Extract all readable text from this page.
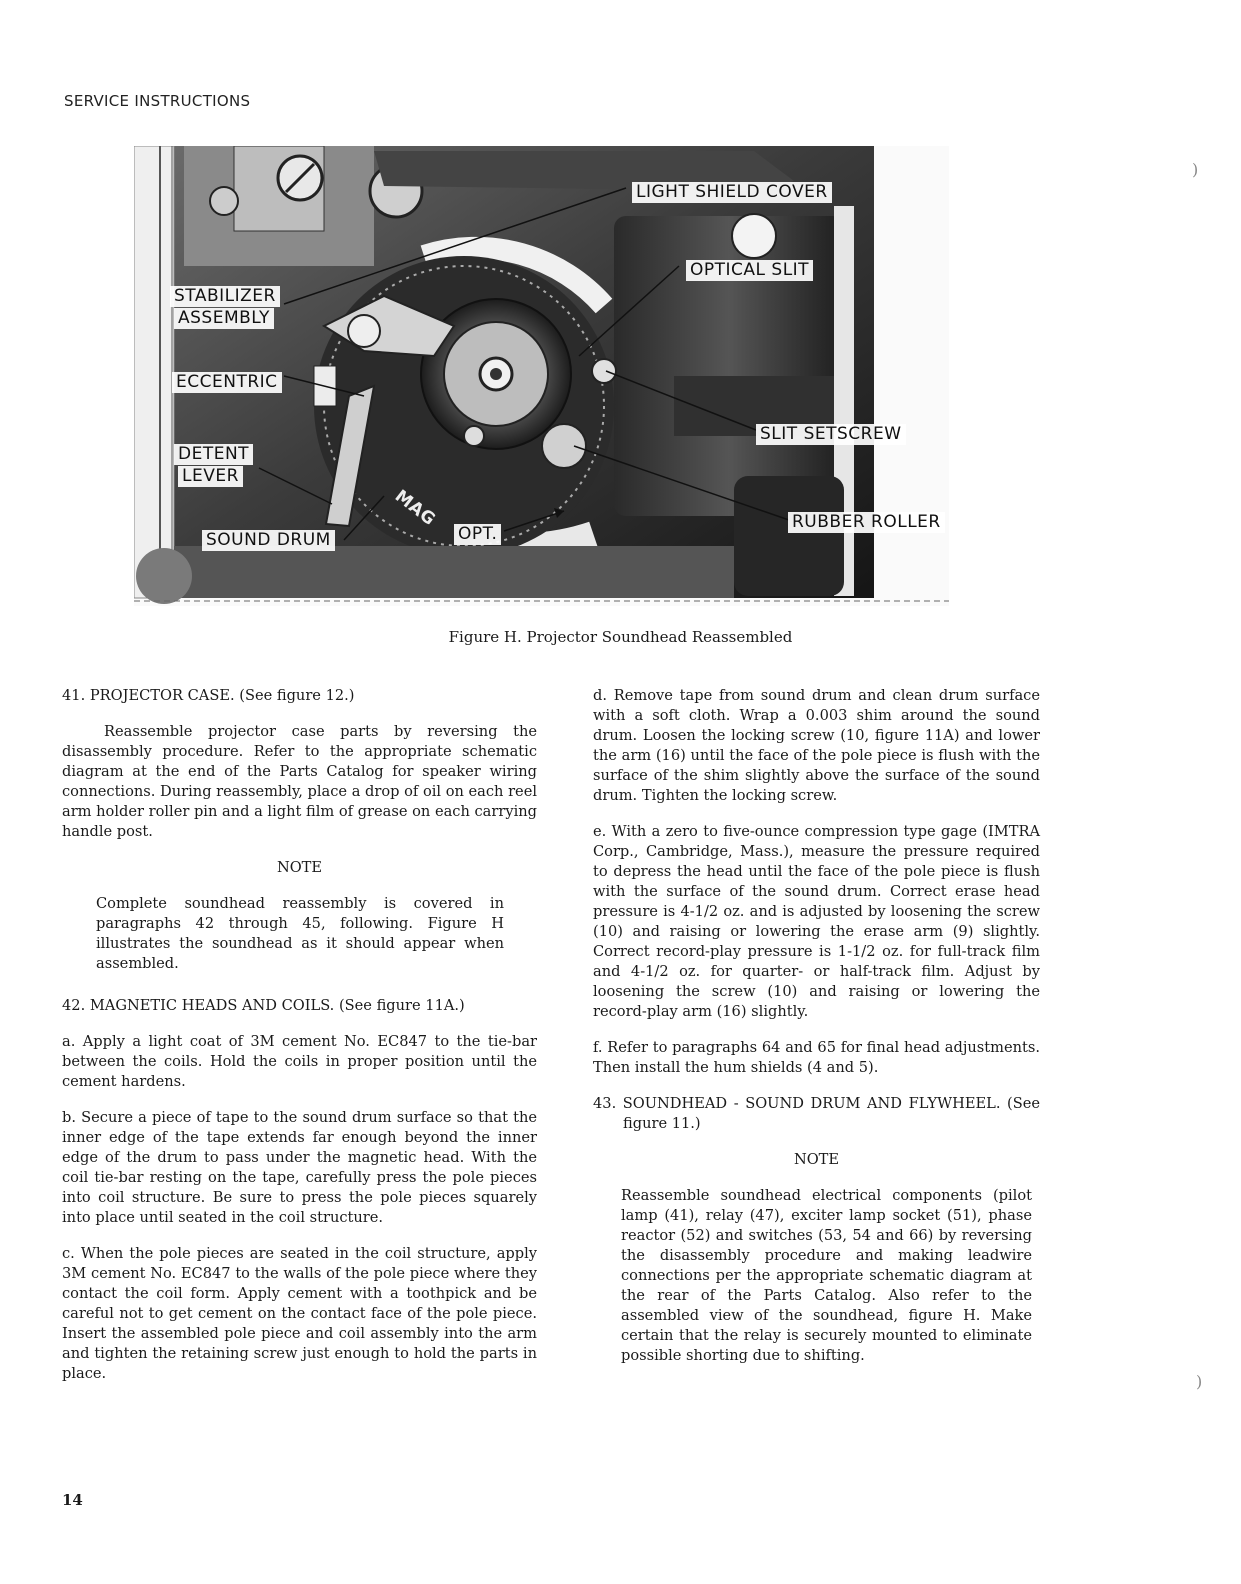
SERVICE INSTRUCTIONS
LIGHT SHIELD COVER
OPTICAL SLIT
STABILIZER
ASSEMBLY
ECCENTRIC
DETENT
LEVER
SLIT SETSCREW
RUBBER ROLLER
SOUND DRUM	OPT.
MAG
Figure H. Projector Soundhead Reassembled

41. PROJECTOR CASE. (See figure 12.)

Reassemble projector case parts by reversing the disassembly procedure. Refer to the appropriate schematic diagram at the end of the Parts Catalog for speaker wiring connections. During reassembly, place a drop of oil on each reel arm holder roller pin and a light film of grease on each carrying handle post.

NOTE

Complete soundhead reassembly is covered in paragraphs 42 through 45, following. Figure H illustrates the soundhead as it should appear when assembled.

42. MAGNETIC HEADS AND COILS. (See figure 11A.)

a. Apply a light coat of 3M cement No. EC847 to the tie-bar between the coils. Hold the coils in proper position until the cement hardens.

b. Secure a piece of tape to the sound drum surface so that the inner edge of the tape extends far enough beyond the inner edge of the drum to pass under the magnetic head. With the coil tie-bar resting on the tape, carefully press the pole pieces into coil structure. Be sure to press the pole pieces squarely into place until seated in the coil structure.

c. When the pole pieces are seated in the coil structure, apply 3M cement No. EC847 to the walls of the pole piece where they contact the coil form. Apply cement with a toothpick and be careful not to get cement on the contact face of the pole piece. Insert the assembled pole piece and coil assembly into the arm and tighten the retaining screw just enough to hold the parts in place.

d. Remove tape from sound drum and clean drum surface with a soft cloth. Wrap a 0.003 shim around the sound drum. Loosen the locking screw (10, figure 11A) and lower the arm (16) until the face of the pole piece is flush with the surface of the shim slightly above the surface of the sound drum. Tighten the locking screw.

e. With a zero to five-ounce compression type gage (IMTRA Corp., Cambridge, Mass.), measure the pressure required to depress the head until the face of the pole piece is flush with the surface of the sound drum. Correct erase head pressure is 4-1/2 oz. and is adjusted by loosening the screw (10) and raising or lowering the erase arm (9) slightly. Correct record-play pressure is 1-1/2 oz. for full-track film and 4-1/2 oz. for quarter- or half-track film. Adjust by loosening the screw (10) and raising or lowering the record-play arm (16) slightly.

f. Refer to paragraphs 64 and 65 for final head adjustments. Then install the hum shields (4 and 5).

43. SOUNDHEAD - SOUND DRUM AND FLYWHEEL. (See figure 11.)

NOTE

Reassemble soundhead electrical components (pilot lamp (41), relay (47), exciter lamp socket (51), phase reactor (52) and switches (53, 54 and 66) by reversing the disassembly procedure and making leadwire connections per the appropriate schematic diagram at the rear of the Parts Catalog. Also refer to the assembled view of the soundhead, figure H. Make certain that the relay is securely mounted to eliminate possible shorting due to shifting.

14
)
)
